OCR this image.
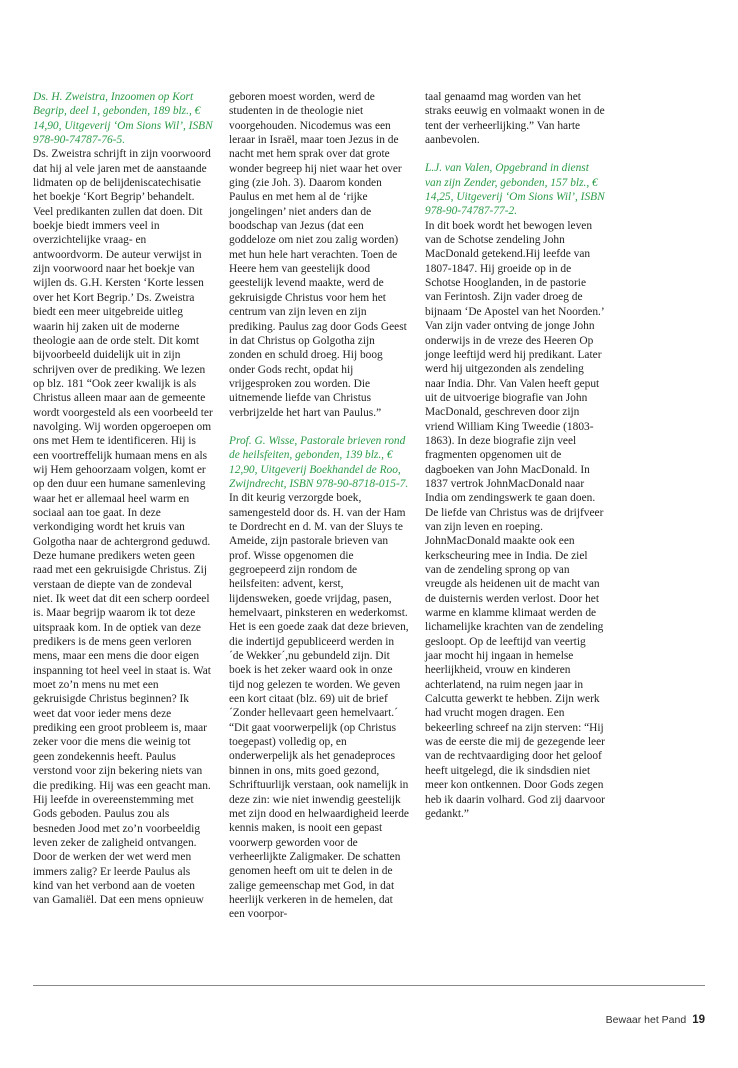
Ds. H. Zweistra, Inzoomen op Kort Begrip, deel 1, gebonden, 189 blz., € 14,90, Uitgeverij ‘Om Sions Wil’, ISBN 978-90-74787-76-5.

Ds. Zweistra schrijft in zijn voorwoord dat hij al vele jaren met de aanstaande lidmaten op de belijdeniscatechisatie het boekje ‘Kort Begrip’ behandelt. Veel predikanten zullen dat doen. Dit boekje biedt immers veel in overzichtelijke vraag- en antwoordvorm. De auteur verwijst in zijn voorwoord naar het boekje van wijlen ds. G.H. Kersten ‘Korte lessen over het Kort Begrip.’ Ds. Zweistra biedt een meer uitgebreide uitleg waarin hij zaken uit de moderne theologie aan de orde stelt. Dit komt bijvoorbeeld duidelijk uit in zijn schrijven over de prediking. We lezen op blz. 181 “Ook zeer kwalijk is als Christus alleen maar aan de gemeente wordt voorgesteld als een voorbeeld ter navolging. Wij worden opgeroepen om ons met Hem te identificeren. Hij is een voortreffelijk humaan mens en als wij Hem gehoorzaam volgen, komt er op den duur een humane samenleving waar het er allemaal heel warm en sociaal aan toe gaat. In deze verkondiging wordt het kruis van Golgotha naar de achtergrond geduwd. Deze humane predikers weten geen raad met een gekruisigde Christus. Zij verstaan de diepte van de zondeval niet. Ik weet dat dit een scherp oordeel is. Maar begrijp waarom ik tot deze uitspraak kom. In de optiek van deze predikers is de mens geen verloren mens, maar een mens die door eigen inspanning tot heel veel in staat is. Wat moet zo’n mens nu met een gekruisigde Christus beginnen? Ik weet dat voor ieder mens deze prediking een groot probleem is, maar zeker voor die mens die weinig tot geen zondekennis heeft. Paulus verstond voor zijn bekering niets van die prediking. Hij was een geacht man. Hij leefde in overeenstemming met Gods geboden. Paulus zou als besneden Jood met zo’n voorbeeldig leven zeker de zaligheid ontvangen. Door de werken der wet werd men immers zalig? Er leerde Paulus als kind van het verbond aan de voeten van Gamaliël. Dat een mens opnieuw

geboren moest worden, werd de studenten in de theologie niet voorgehouden. Nicodemus was een leraar in Israël, maar toen Jezus in de nacht met hem sprak over dat grote wonder begreep hij niet waar het over ging (zie Joh. 3). Daarom konden Paulus en met hem al de ‘rijke jongelingen’ niet anders dan de boodschap van Jezus (dat een goddeloze om niet zou zalig worden) met hun hele hart verachten. Toen de Heere hem van geestelijk dood geestelijk levend maakte, werd de gekruisigde Christus voor hem het centrum van zijn leven en zijn prediking. Paulus zag door Gods Geest in dat Christus op Golgotha zijn zonden en schuld droeg. Hij boog onder Gods recht, opdat hij vrijgesproken zou worden. Die uitnemende liefde van Christus verbrijzelde het hart van Paulus.”

Prof. G. Wisse, Pastorale brieven rond de heilsfeiten, gebonden, 139 blz., € 12,90, Uitgeverij Boekhandel de Roo, Zwijndrecht, ISBN 978-90-8718-015-7.

In dit keurig verzorgde boek, samengesteld door ds. H. van der Ham te Dordrecht en d. M. van der Sluys te Ameide, zijn pastorale brieven van prof. Wisse opgenomen die gegroepeerd zijn rondom de heilsfeiten: advent, kerst, lijdensweken, goede vrijdag, pasen, hemelvaart, pinksteren en wederkomst. Het is een goede zaak dat deze brieven, die indertijd gepubliceerd werden in ´de Wekker´,nu gebundeld zijn. Dit boek is het zeker waard ook in onze tijd nog gelezen te worden. We geven een kort citaat (blz. 69) uit de brief ´Zonder hellevaart geen hemelvaart.´ “Dit gaat voorwerpelijk (op Christus toegepast) volledig op, en onderwerpelijk als het genadeproces binnen in ons, mits goed gezond, Schriftuurlijk verstaan, ook namelijk in deze zin: wie niet inwendig geestelijk met zijn dood en helwaardigheid leerde kennis maken, is nooit een gepast voorwerp geworden voor de verheerlijkte Zaligmaker. De schatten genomen heeft om uit te delen in de zalige gemeenschap met God, in dat heerlijk verkeren in de hemelen, dat een voorpor-

taal genaamd mag worden van het straks eeuwig en volmaakt wonen in de tent der verheerlijking.” Van harte aanbevolen.

L.J. van Valen, Opgebrand in dienst van zijn Zender, gebonden, 157 blz., € 14,25, Uitgeverij ‘Om Sions Wil’, ISBN 978-90-74787-77-2.

In dit boek wordt het bewogen leven van de Schotse zendeling John MacDonald getekend.Hij leefde van 1807-1847. Hij groeide op in de Schotse Hooglanden, in de pastorie van Ferintosh. Zijn vader droeg de bijnaam ‘De Apostel van het Noorden.’ Van zijn vader ontving de jonge John onderwijs in de vreze des Heeren Op jonge leeftijd werd hij predikant. Later werd hij uitgezonden als zendeling naar India. Dhr. Van Valen heeft geput uit de uitvoerige biografie van John MacDonald, geschreven door zijn vriend William King Tweedie (1803-1863). In deze biografie zijn veel fragmenten opgenomen uit de dagboeken van John MacDonald. In 1837 vertrok JohnMacDonald naar India om zendingswerk te gaan doen. De liefde van Christus was de drijfveer van zijn leven en roeping. JohnMacDonald maakte ook een kerkscheuring mee in India. De ziel van de zendeling sprong op van vreugde als heidenen uit de macht van de duisternis werden verlost. Door het warme en klamme klimaat werden de lichamelijke krachten van de zendeling gesloopt. Op de leeftijd van veertig jaar mocht hij ingaan in hemelse heerlijkheid, vrouw en kinderen achterlatend, na ruim negen jaar in Calcutta gewerkt te hebben. Zijn werk had vrucht mogen dragen. Een bekeerling schreef na zijn sterven: “Hij was de eerste die mij de gezegende leer van de rechtvaardiging door het geloof heeft uitgelegd, die ik sindsdien niet meer kon ontkennen. Door Gods zegen heb ik daarin volhard. God zij daarvoor gedankt.”

Bewaar het Pand 19
